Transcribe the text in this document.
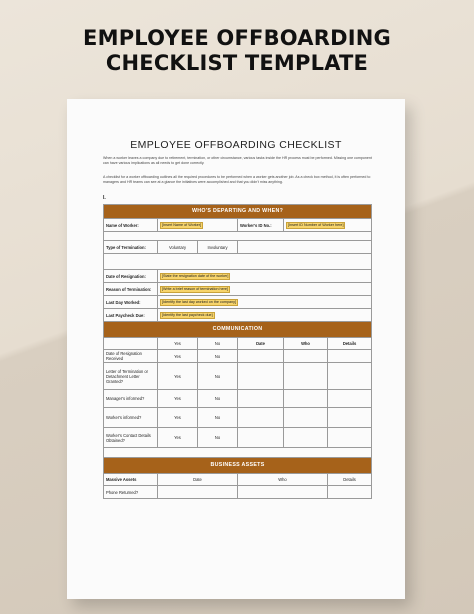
EMPLOYEE OFFBOARDING
CHECKLIST TEMPLATE
EMPLOYEE OFFBOARDING CHECKLIST
When a worker leaves a company due to retirement, termination, or other circumstance, various tasks inside the HR process must be performed. Missing one component can have various implications as all needs to get done correctly.
A checklist for a worker offboarding outlines all the required procedures to be performed when a worker gets another job. As a check box method, it is often performed to managers and HR teams can see at a glance the initiatives were accomplished and that you didn't miss anything.
I.
WHO'S DEPARTING AND WHEN?					
Name of Worker:	[Insert Name of Worker]		Worker's ID No.:	[Insert ID Number of Worker here]	

Type of Termination:	Voluntary	Involuntary			

Date of Resignation:	[State the resignation date of the worker]				
Reason of Termination:	[Write a brief reason of termination here]				
Last Day Worked:	[Identify the last day worked on the company]				
Last Paycheck Due:	[Identify the last paycheck due]				
COMMUNICATION					
	Yes	No	Date	Who	Details
Date of Resignation Received	Yes	No			
Letter of Termination or Detachment Letter Granted?	Yes	No			
Manager's informed?	Yes	No			
Worker's informed?	Yes	No			
Worker's Contact Details Obtained?	Yes	No			

BUSINESS ASSETS					
Massive Assets	Date		Who		Details
Phone Returned?					
